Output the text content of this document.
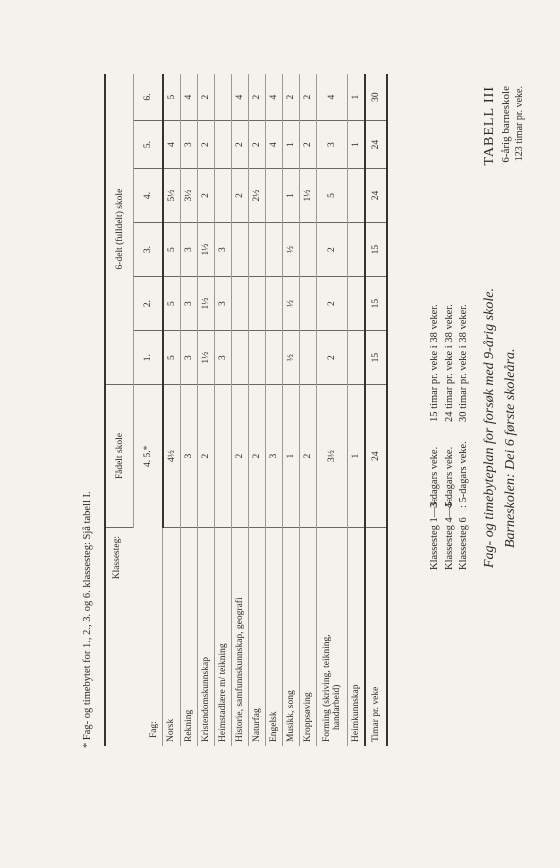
TABELL III 6-årig barneskole 123 timar pr. veke.
Fag- og timebyteplan for forsøk med 9-årig skole. Barneskolen: Dei 6 første skoleåra.
Klassesteg 1—3:
3-dagars veke.
15 timar pr. veke i 38 veker.
Klassesteg 4—5:
4-dagars veke.
24 timar pr. veke i 38 veker.
Klassesteg 6
: 5-dagars veke.
30 timar pr. veke i 38 veker.
Fag:
Klassesteg:	Fådelt skole	6-delt (fulldelt) skole					
	4. 5.*	1.	2.	3.	4.	5.	6.
Norsk	4½	5	5	5	5½	4	5
Rekning	3	3	3	3	3½	3	4
Kristendomskunnskap	2	1½	1½	1½	2	2	2
Heimstadlære m/ teikning		3	3	3			
Historie, samfunnskunnskap, geografi	2				2	2	4
Naturfag	2				2½	2	2
Engelsk	3					4	4
Musikk, song	1	½	½	½	1	1	2
Kroppsøving	2				1½	2	2

Forming (skriving, teikning, handarbeid)	3½	2	2	2	5	3	4
Heimkunnskap	1					1	1
Timar pr. veke	24	15	15	15	24	24	30
* Fag- og timebytet for 1., 2., 3. og 6. klassesteg: Sjå tabell I.
